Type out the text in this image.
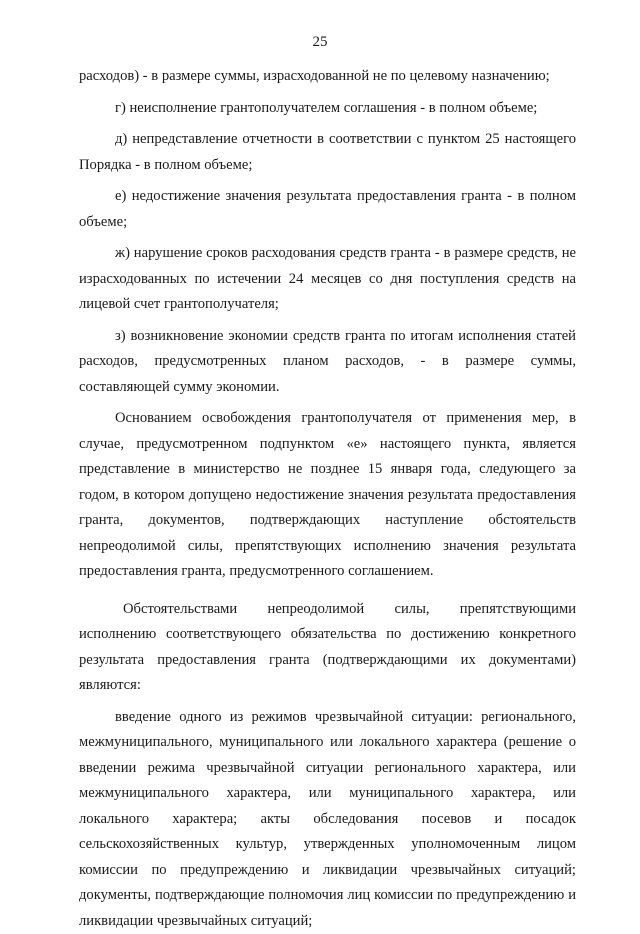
25

расходов) - в размере суммы, израсходованной не по целевому назначению;

г) неисполнение грантополучателем соглашения - в полном объеме;

д) непредставление отчетности в соответствии с пунктом 25 настоящего Порядка - в полном объеме;

е) недостижение значения результата предоставления гранта - в полном объеме;

ж) нарушение сроков расходования средств гранта - в размере средств, не израсходованных по истечении 24 месяцев со дня поступления средств на лицевой счет грантополучателя;

з) возникновение экономии средств гранта по итогам исполнения статей расходов, предусмотренных планом расходов, - в размере суммы, составляющей сумму экономии.

Основанием освобождения грантополучателя от применения мер, в случае, предусмотренном подпунктом «е» настоящего пункта, является представление в министерство не позднее 15 января года, следующего за годом, в котором допущено недостижение значения результата предоставления гранта, документов, подтверждающих наступление обстоятельств непреодолимой силы, препятствующих исполнению значения результата предоставления гранта, предусмотренного соглашением.

Обстоятельствами непреодолимой силы, препятствующими исполнению соответствующего обязательства по достижению конкретного результата предоставления гранта (подтверждающими их документами) являются:

введение одного из режимов чрезвычайной ситуации: регионального, межмуниципального, муниципального или локального характера (решение о введении режима чрезвычайной ситуации регионального характера, или межмуниципального характера, или муниципального характера, или локального характера; акты обследования посевов и посадок сельскохозяйственных культур, утвержденных уполномоченным лицом комиссии по предупреждению и ликвидации чрезвычайных ситуаций; документы, подтверждающие полномочия лиц комиссии по предупреждению и ликвидации чрезвычайных ситуаций;
